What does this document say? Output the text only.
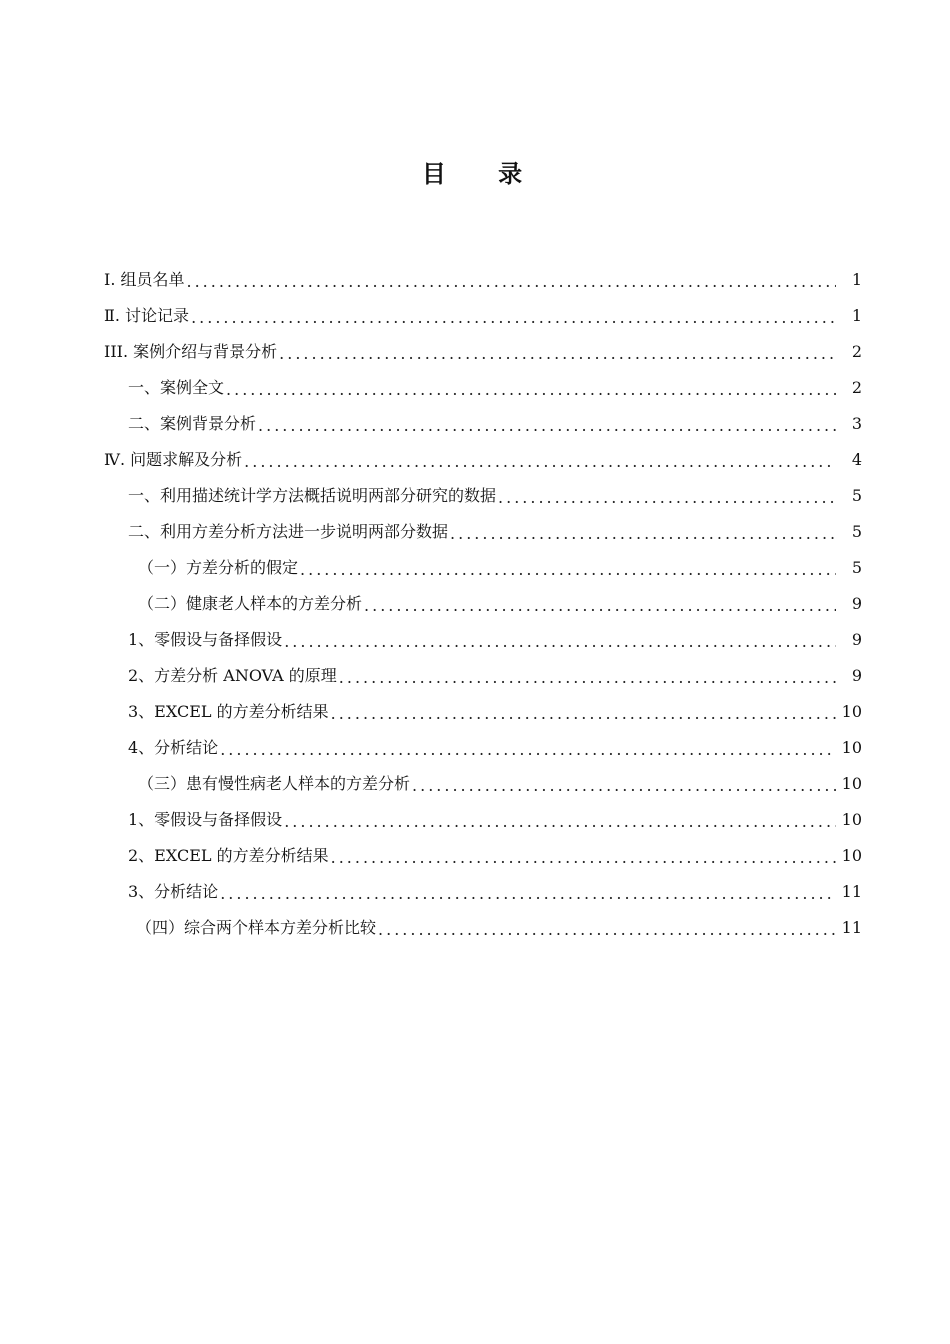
目 录
Ⅰ. 组员名单 .....	1
Ⅱ. 讨论记录 .....	1
III. 案例介绍与背景分析 .....	2
一、案例全文 .....	2
二、案例背景分析 .....	3
Ⅳ. 问题求解及分析 .....	4
一、利用描述统计学方法概括说明两部分研究的数据 .....	5
二、利用方差分析方法进一步说明两部分数据 .....	5
（一）方差分析的假定 .....	5
（二）健康老人样本的方差分析 .....	9
1、零假设与备择假设 .....	9
2、方差分析 ANOVA 的原理 .....	9
3、EXCEL 的方差分析结果 .....	10
4、分析结论 .....	10
（三）患有慢性病老人样本的方差分析 .....	10
1、零假设与备择假设 .....	10
2、EXCEL 的方差分析结果 .....	10
3、分析结论 .....	11
（四）综合两个样本方差分析比较 .....	11
